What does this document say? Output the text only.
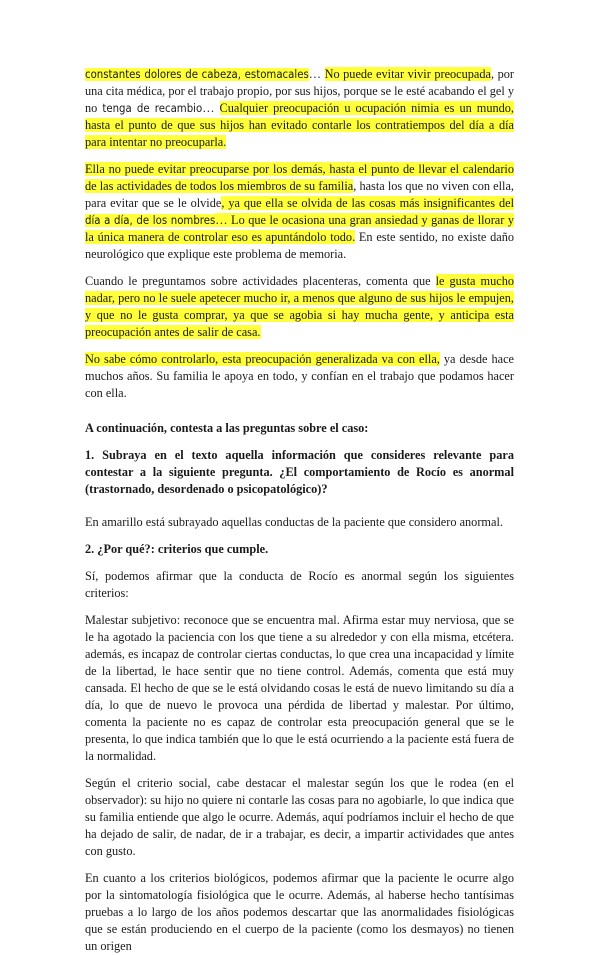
constantes dolores de cabeza, estomacales… No puede evitar vivir preocupada, por una cita médica, por el trabajo propio, por sus hijos, porque se le esté acabando el gel y no tenga de recambio… Cualquier preocupación u ocupación nimia es un mundo, hasta el punto de que sus hijos han evitado contarle los contratiempos del día a día para intentar no preocuparla.

Ella no puede evitar preocuparse por los demás, hasta el punto de llevar el calendario de las actividades de todos los miembros de su familia, hasta los que no viven con ella, para evitar que se le olvide, ya que ella se olvida de las cosas más insignificantes del día a día, de los nombres… Lo que le ocasiona una gran ansiedad y ganas de llorar y la única manera de controlar eso es apuntándolo todo. En este sentido, no existe daño neurológico que explique este problema de memoria.

Cuando le preguntamos sobre actividades placenteras, comenta que le gusta mucho nadar, pero no le suele apetecer mucho ir, a menos que alguno de sus hijos le empujen, y que no le gusta comprar, ya que se agobia si hay mucha gente, y anticipa esta preocupación antes de salir de casa.

No sabe cómo controlarlo, esta preocupación generalizada va con ella, ya desde hace muchos años. Su familia le apoya en todo, y confían en el trabajo que podamos hacer con ella.

A continuación, contesta a las preguntas sobre el caso:

1. Subraya en el texto aquella información que consideres relevante para contestar a la siguiente pregunta. ¿El comportamiento de Rocío es anormal (trastornado, desordenado o psicopatológico)?

En amarillo está subrayado aquellas conductas de la paciente que considero anormal.

2. ¿Por qué?: criterios que cumple.

Sí, podemos afirmar que la conducta de Rocío es anormal según los siguientes criterios:

Malestar subjetivo: reconoce que se encuentra mal. Afirma estar muy nerviosa, que se le ha agotado la paciencia con los que tiene a su alrededor y con ella misma, etcétera. además, es incapaz de controlar ciertas conductas, lo que crea una incapacidad y límite de la libertad, le hace sentir que no tiene control. Además, comenta que está muy cansada. El hecho de que se le está olvidando cosas le está de nuevo limitando su día a día, lo que de nuevo le provoca una pérdida de libertad y malestar. Por último, comenta la paciente no es capaz de controlar esta preocupación general que se le presenta, lo que indica también que lo que le está ocurriendo a la paciente está fuera de la normalidad.

Según el criterio social, cabe destacar el malestar según los que le rodea (en el observador): su hijo no quiere ni contarle las cosas para no agobiarle, lo que indica que su familia entiende que algo le ocurre. Además, aquí podríamos incluir el hecho de que ha dejado de salir, de nadar, de ir a trabajar, es decir, a impartir actividades que antes con gusto.

En cuanto a los criterios biológicos, podemos afirmar que la paciente le ocurre algo por la sintomatología fisiológica que le ocurre. Además, al haberse hecho tantísimas pruebas a lo largo de los años podemos descartar que las anormalidades fisiológicas que se están produciendo en el cuerpo de la paciente (como los desmayos) no tienen un origen
